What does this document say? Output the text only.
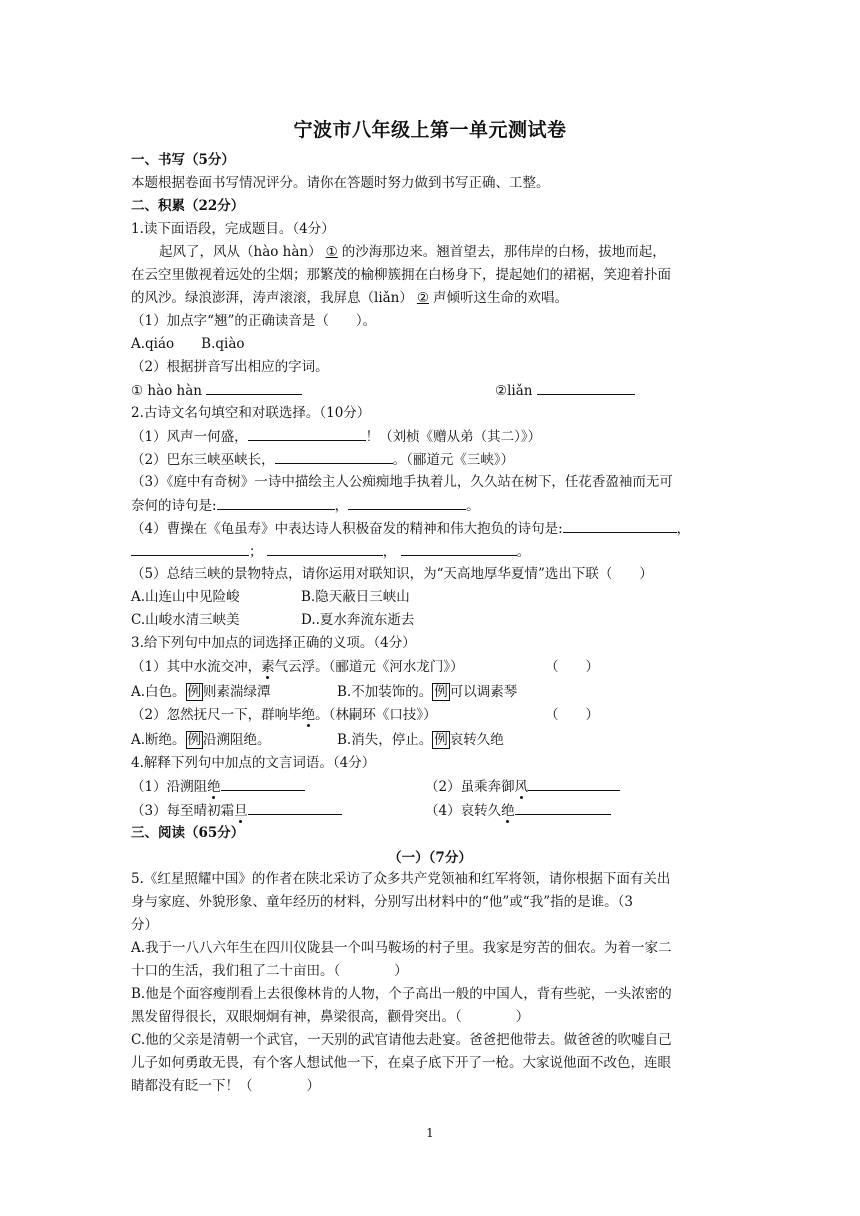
宁波市八年级上第一单元测试卷
一、书写（5分）
本题根据卷面书写情况评分。请你在答题时努力做到书写正确、工整。
二、积累（22分）
1.读下面语段，完成题目。（4分）
起风了，风从（hào hàn） ① 的沙海那边来。翘首望去，那伟岸的白杨，拔地而起，
在云空里傲视着远处的尘烟；那繁茂的榆柳簇拥在白杨身下，提起她们的裙裾，笑迎着扑面
的风沙。绿浪澎湃，涛声滚滚，我屏息（liǎn） ② 声倾听这生命的欢唱。
（1）加点字“翘”的正确读音是（　　）。
A.qiáo　　B.qiào
（2）根据拼音写出相应的字词。
① hào hàn	②liǎn
2.古诗文名句填空和对联选择。（10分）
（1）风声一何盛，	！（刘桢《赠从弟（其二）》）
（2）巴东三峡巫峡长，	。（郦道元《三峡》）
（3）《庭中有奇树》一诗中描绘主人公痴痴地手执着儿，久久站在树下，任花香盈袖而无可
奈何的诗句是:	，	。
（4）曹操在《龟虽寿》中表达诗人积极奋发的精神和伟大抱负的诗句是:	，
；	，	。
（5）总结三峡的景物特点，请你运用对联知识，为“天高地厚华夏情”选出下联（　　）
A.山连山中见险峻	B.隐天蔽日三峡山
C.山峻水清三峡美	D..夏水奔流东逝去
3.给下列句中加点的词选择正确的义项。（4分）
（1）其中水流交冲，素气云浮。（郦道元《河水龙门》）	（　　）
A.白色。 例 则素湍绿潭	B.不加装饰的。 例 可以调素琴
（2）忽然抚尺一下，群响毕绝。（林嗣环《口技》）	（　　）
A.断绝。 例 沿溯阻绝。	B.消失，停止。 例 哀转久绝
4.解释下列句中加点的文言词语。（4分）
（1）沿溯阻绝	（2）虽乘奔御风
（3）每至晴初霜旦	（4）哀转久绝
三、阅读（65分）
（一）（7分）
5.《红星照耀中国》的作者在陕北采访了众多共产党领袖和红军将领，请你根据下面有关出
身与家庭、外貌形象、童年经历的材料，分别写出材料中的“他”或“我”指的是谁。（3
分）
A.我于一八八六年生在四川仪陇县一个叫马鞍场的村子里。我家是穷苦的佃农。为着一家二
十口的生活，我们租了二十亩田。（　　　　）
B.他是个面容瘦削看上去很像林肯的人物，个子高出一般的中国人，背有些驼，一头浓密的
黑发留得很长，双眼炯炯有神，鼻梁很高，颧骨突出。（　　　　）
C.他的父亲是清朝一个武官，一天别的武官请他去赴宴。爸爸把他带去。做爸爸的吹嘘自己
儿子如何勇敢无畏，有个客人想试他一下，在桌子底下开了一枪。大家说他面不改色，连眼
睛都没有眨一下！（　　　　）
1
